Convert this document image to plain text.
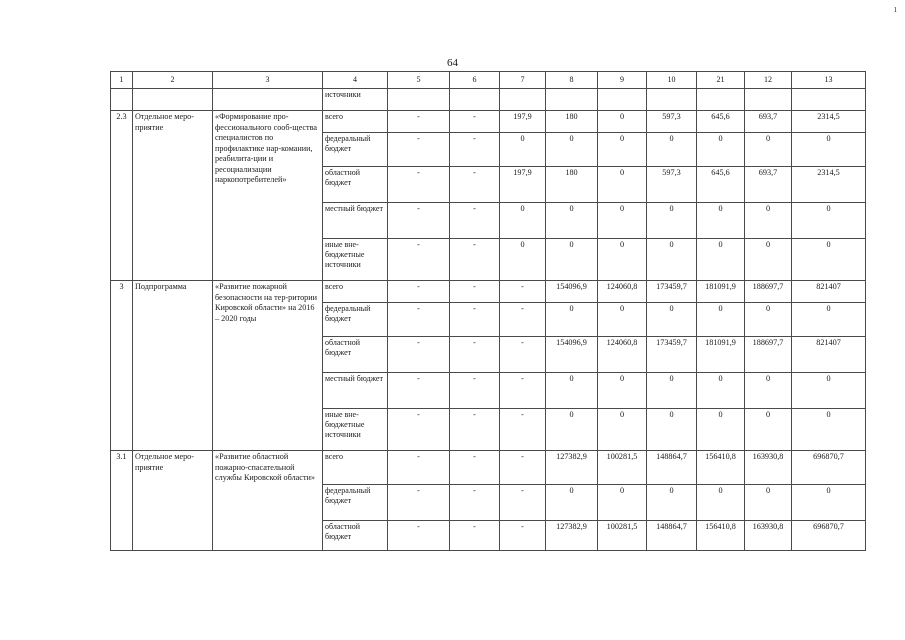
1
64
1	2	3	4	5	6	7	8	9	10	21	12	13
			источники									
2.3	Отдельное меро-приятие	«Формирование про-фессионального сооб-щества специалистов по профилактике нар-комании, реабилита-ции и ресоциализации наркопотребителей»	всего	-	-	197,9	180	0	597,3	645,6	693,7	2314,5
			федеральный бюджет	-	-	0	0	0	0	0	0	0
			областной бюджет	-	-	197,9	180	0	597,3	645,6	693,7	2314,5
			местный бюджет	-	-	0	0	0	0	0	0	0
			иные вне-бюджетные источники	-	-	0	0	0	0	0	0	0
3	Подпрограмма	«Развитие пожарной безопасности на тер-ритории Кировской области» на 2016 – 2020 годы	всего	-	-	-	154096,9	124060,8	173459,7	181091,9	188697,7	821407
			федеральный бюджет	-	-	-	0	0	0	0	0	0
			областной бюджет	-	-	-	154096,9	124060,8	173459,7	181091,9	188697,7	821407
			местный бюджет	-	-	-	0	0	0	0	0	0
			иные вне-бюджетные источники	-	-	-	0	0	0	0	0	0
3.1	Отдельное меро-приятие	«Развитие областной пожарно-спасательной службы Кировской области»	всего	-	-	-	127382,9	100281,5	148864,7	156410,8	163930,8	696870,7
			федеральный бюджет	-	-	-	0	0	0	0	0	0
			областной бюджет	-	-	-	127382,9	100281,5	148864,7	156410,8	163930,8	696870,7
